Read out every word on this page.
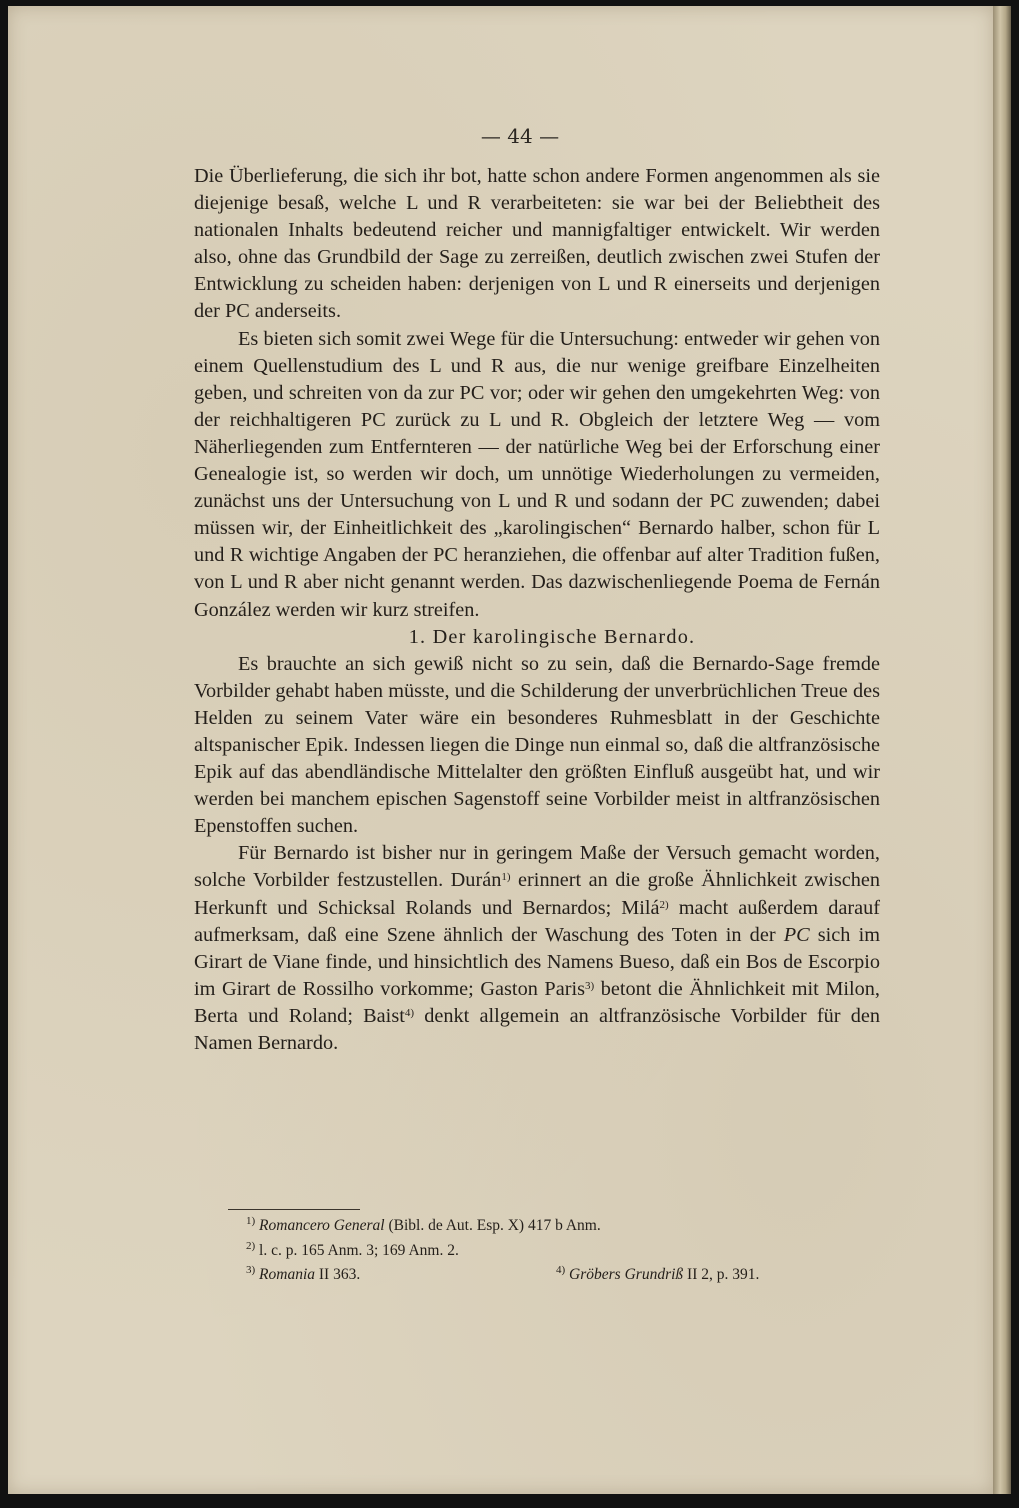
— 44 —

Die Überlieferung, die sich ihr bot, hatte schon andere Formen angenommen als sie diejenige besaß, welche L und R verarbeiteten: sie war bei der Beliebtheit des nationalen Inhalts bedeutend reicher und mannigfaltiger entwickelt. Wir werden also, ohne das Grundbild der Sage zu zerreißen, deutlich zwischen zwei Stufen der Entwicklung zu scheiden haben: derjenigen von L und R einerseits und derjenigen der PC anderseits.

Es bieten sich somit zwei Wege für die Untersuchung: entweder wir gehen von einem Quellenstudium des L und R aus, die nur wenige greifbare Einzelheiten geben, und schreiten von da zur PC vor; oder wir gehen den umgekehrten Weg: von der reichhaltigeren PC zurück zu L und R. Obgleich der letztere Weg — vom Näherliegenden zum Entfernteren — der natürliche Weg bei der Erforschung einer Genealogie ist, so werden wir doch, um unnötige Wiederholungen zu vermeiden, zunächst uns der Untersuchung von L und R und sodann der PC zuwenden; dabei müssen wir, der Einheitlichkeit des „karolingischen“ Bernardo halber, schon für L und R wichtige Angaben der PC heranziehen, die offenbar auf alter Tradition fußen, von L und R aber nicht genannt werden. Das dazwischenliegende Poema de Fernán González werden wir kurz streifen.

1. Der karolingische Bernardo.

Es brauchte an sich gewiß nicht so zu sein, daß die Bernardo-Sage fremde Vorbilder gehabt haben müsste, und die Schilderung der unverbrüchlichen Treue des Helden zu seinem Vater wäre ein besonderes Ruhmesblatt in der Geschichte altspanischer Epik. Indessen liegen die Dinge nun einmal so, daß die altfranzösische Epik auf das abendländische Mittelalter den größten Einfluß ausgeübt hat, und wir werden bei manchem epischen Sagenstoff seine Vorbilder meist in altfranzösischen Epenstoffen suchen.

Für Bernardo ist bisher nur in geringem Maße der Versuch gemacht worden, solche Vorbilder festzustellen. Durán$^{1)}$ erinnert an die große Ähnlichkeit zwischen Herkunft und Schicksal Rolands und Bernardos; Milá$^{2)}$ macht außerdem darauf aufmerksam, daß eine Szene ähnlich der Waschung des Toten in der PC sich im Girart de Viane finde, und hinsichtlich des Namens Bueso, daß ein Bos de Escorpio im Girart de Rossilho vorkomme; Gaston Paris$^{3)}$ betont die Ähnlichkeit mit Milon, Berta und Roland; Baist$^{4)}$ denkt allgemein an altfranzösische Vorbilder für den Namen Bernardo.

$^{1)}$ Romancero General (Bibl. de Aut. Esp. X) 417 b Anm.
$^{2)}$ l. c. p. 165 Anm. 3; 169 Anm. 2.
$^{3)}$ Romania II 363.	$^{4)}$ Gröbers Grundriß II 2, p. 391.
